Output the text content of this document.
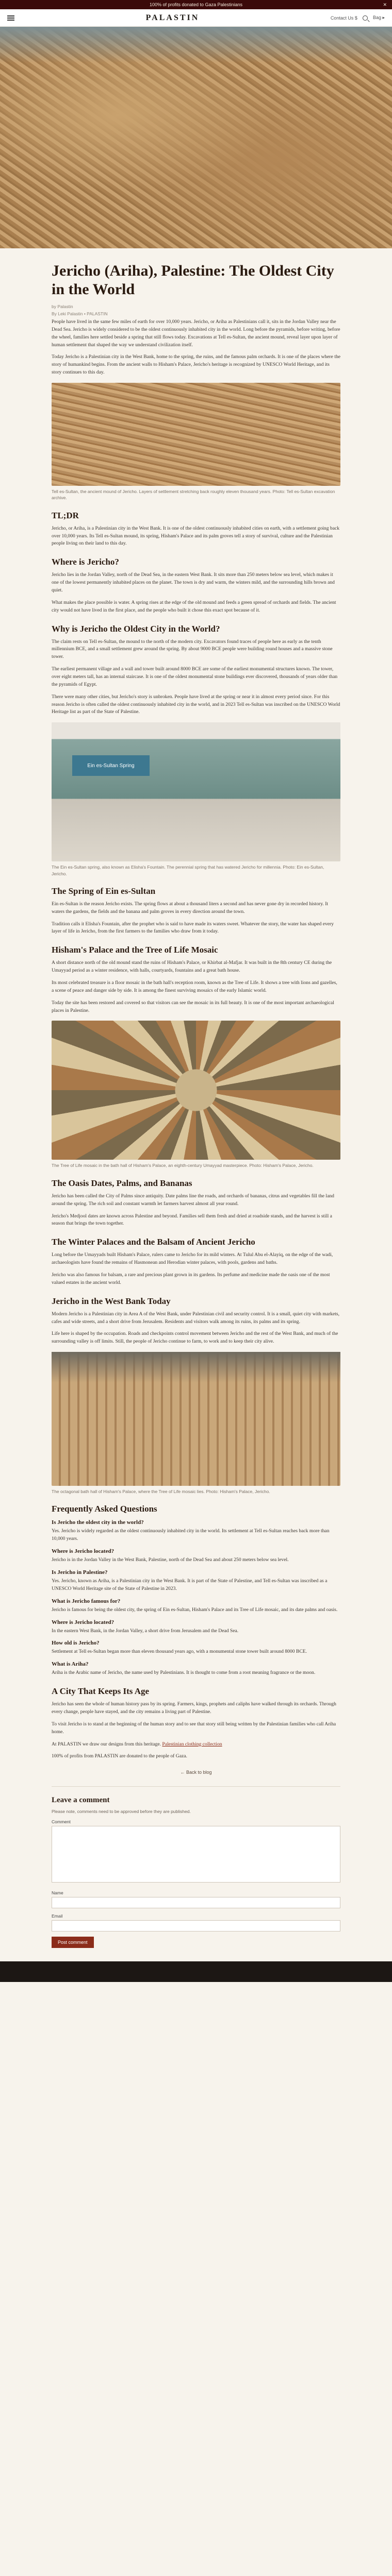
100% of profits donated to Gaza Palestinians	✕
PALASTIN	Contact Us $	Bag ▸
Jericho (Ariha), Palestine: The Oldest City in the World
by Palastin
By Leki Palastin • PALASTIN

People have lived in the same few miles of earth for over 10,000 years. Jericho, or Ariha as Palestinians call it, sits in the Jordan Valley near the Dead Sea. Jericho is widely considered to be the oldest continuously inhabited city in the world. Long before the pyramids, before writing, before the wheel, families here settled beside a spring that still flows today. Excavations at Tell es-Sultan, the ancient mound, reveal layer upon layer of human settlement that shaped the way we understand civilization itself.

Today Jericho is a Palestinian city in the West Bank, home to the spring, the ruins, and the famous palm orchards. It is one of the places where the story of humankind begins. From the ancient walls to Hisham's Palace, Jericho's heritage is recognized by UNESCO World Heritage, and its story continues to this day.

Tell es-Sultan, the ancient mound of Jericho. Layers of settlement stretching back roughly eleven thousand years. Photo: Tell es-Sultan excavation archive.
TL;DR

Jericho, or Ariha, is a Palestinian city in the West Bank. It is one of the oldest continuously inhabited cities on earth, with a settlement going back over 10,000 years. Its Tell es-Sultan mound, its spring, Hisham's Palace and its palm groves tell a story of survival, culture and the Palestinian people living on their land to this day.

Where is Jericho?

Jericho lies in the Jordan Valley, north of the Dead Sea, in the eastern West Bank. It sits more than 250 meters below sea level, which makes it one of the lowest permanently inhabited places on the planet. The town is dry and warm, the winters mild, and the surrounding hills brown and quiet.

What makes the place possible is water. A spring rises at the edge of the old mound and feeds a green spread of orchards and fields. The ancient city would not have lived in the first place, and the people who built it chose this exact spot because of it.

Why is Jericho the Oldest City in the World?

The claim rests on Tell es-Sultan, the mound to the north of the modern city. Excavators found traces of people here as early as the tenth millennium BCE, and a small settlement grew around the spring. By about 9000 BCE people were building round houses and a massive stone tower.

The earliest permanent village and a wall and tower built around 8000 BCE are some of the earliest monumental structures known. The tower, over eight meters tall, has an internal staircase. It is one of the oldest monumental stone buildings ever discovered, thousands of years older than the pyramids of Egypt.

There were many other cities, but Jericho's story is unbroken. People have lived at the spring or near it in almost every period since. For this reason Jericho is often called the oldest continuously inhabited city in the world, and in 2023 Tell es-Sultan was inscribed on the UNESCO World Heritage list as part of the State of Palestine.

Ein es-Sultan Spring
The Ein es-Sultan spring, also known as Elisha's Fountain. The perennial spring that has watered Jericho for millennia. Photo: Ein es-Sultan, Jericho.
The Spring of Ein es-Sultan

Ein es-Sultan is the reason Jericho exists. The spring flows at about a thousand liters a second and has never gone dry in recorded history. It waters the gardens, the fields and the banana and palm groves in every direction around the town.

Tradition calls it Elisha's Fountain, after the prophet who is said to have made its waters sweet. Whatever the story, the water has shaped every layer of life in Jericho, from the first farmers to the families who draw from it today.

Hisham's Palace and the Tree of Life Mosaic

A short distance north of the old mound stand the ruins of Hisham's Palace, or Khirbat al-Mafjar. It was built in the 8th century CE during the Umayyad period as a winter residence, with halls, courtyards, fountains and a great bath house.

Its most celebrated treasure is a floor mosaic in the bath hall's reception room, known as the Tree of Life. It shows a tree with lions and gazelles, a scene of peace and danger side by side. It is among the finest surviving mosaics of the early Islamic world.

Today the site has been restored and covered so that visitors can see the mosaic in its full beauty. It is one of the most important archaeological places in Palestine.

The Tree of Life mosaic in the bath hall of Hisham's Palace, an eighth-century Umayyad masterpiece. Photo: Hisham's Palace, Jericho.
The Oasis Dates, Palms, and Bananas

Jericho has been called the City of Palms since antiquity. Date palms line the roads, and orchards of bananas, citrus and vegetables fill the land around the spring. The rich soil and constant warmth let farmers harvest almost all year round.

Jericho's Medjool dates are known across Palestine and beyond. Families sell them fresh and dried at roadside stands, and the harvest is still a season that brings the town together.

The Winter Palaces and the Balsam of Ancient Jericho

Long before the Umayyads built Hisham's Palace, rulers came to Jericho for its mild winters. At Tulul Abu el-Alayiq, on the edge of the wadi, archaeologists have found the remains of Hasmonean and Herodian winter palaces, with pools, gardens and baths.

Jericho was also famous for balsam, a rare and precious plant grown in its gardens. Its perfume and medicine made the oasis one of the most valued estates in the ancient world.

Jericho in the West Bank Today

Modern Jericho is a Palestinian city in Area A of the West Bank, under Palestinian civil and security control. It is a small, quiet city with markets, cafes and wide streets, and a short drive from Jerusalem. Residents and visitors walk among its ruins, its palms and its spring.

Life here is shaped by the occupation. Roads and checkpoints control movement between Jericho and the rest of the West Bank, and much of the surrounding valley is off limits. Still, the people of Jericho continue to farm, to work and to keep their city alive.

The octagonal bath hall of Hisham's Palace, where the Tree of Life mosaic lies. Photo: Hisham's Palace, Jericho.
Frequently Asked Questions
Is Jericho the oldest city in the world?

Yes. Jericho is widely regarded as the oldest continuously inhabited city in the world. Its settlement at Tell es-Sultan reaches back more than 10,000 years.

Where is Jericho located?

Jericho is in the Jordan Valley in the West Bank, Palestine, north of the Dead Sea and about 250 meters below sea level.

Is Jericho in Palestine?

Yes. Jericho, known as Ariha, is a Palestinian city in the West Bank. It is part of the State of Palestine, and Tell es-Sultan was inscribed as a UNESCO World Heritage site of the State of Palestine in 2023.

What is Jericho famous for?

Jericho is famous for being the oldest city, the spring of Ein es-Sultan, Hisham's Palace and its Tree of Life mosaic, and its date palms and oasis.

Where is Jericho located?

In the eastern West Bank, in the Jordan Valley, a short drive from Jerusalem and the Dead Sea.

How old is Jericho?

Settlement at Tell es-Sultan began more than eleven thousand years ago, with a monumental stone tower built around 8000 BCE.

What is Ariha?

Ariha is the Arabic name of Jericho, the name used by Palestinians. It is thought to come from a root meaning fragrance or the moon.

A City That Keeps Its Age

Jericho has seen the whole of human history pass by its spring. Farmers, kings, prophets and caliphs have walked through its orchards. Through every change, people have stayed, and the city remains a living part of Palestine.

To visit Jericho is to stand at the beginning of the human story and to see that story still being written by the Palestinian families who call Ariha home.

At PALASTIN we draw our designs from this heritage. Palestinian clothing collection

100% of profits from PALASTIN are donated to the people of Gaza.

← Back to blog
Leave a comment
Please note, comments need to be approved before they are published.
Comment
Name
Email
Post comment
